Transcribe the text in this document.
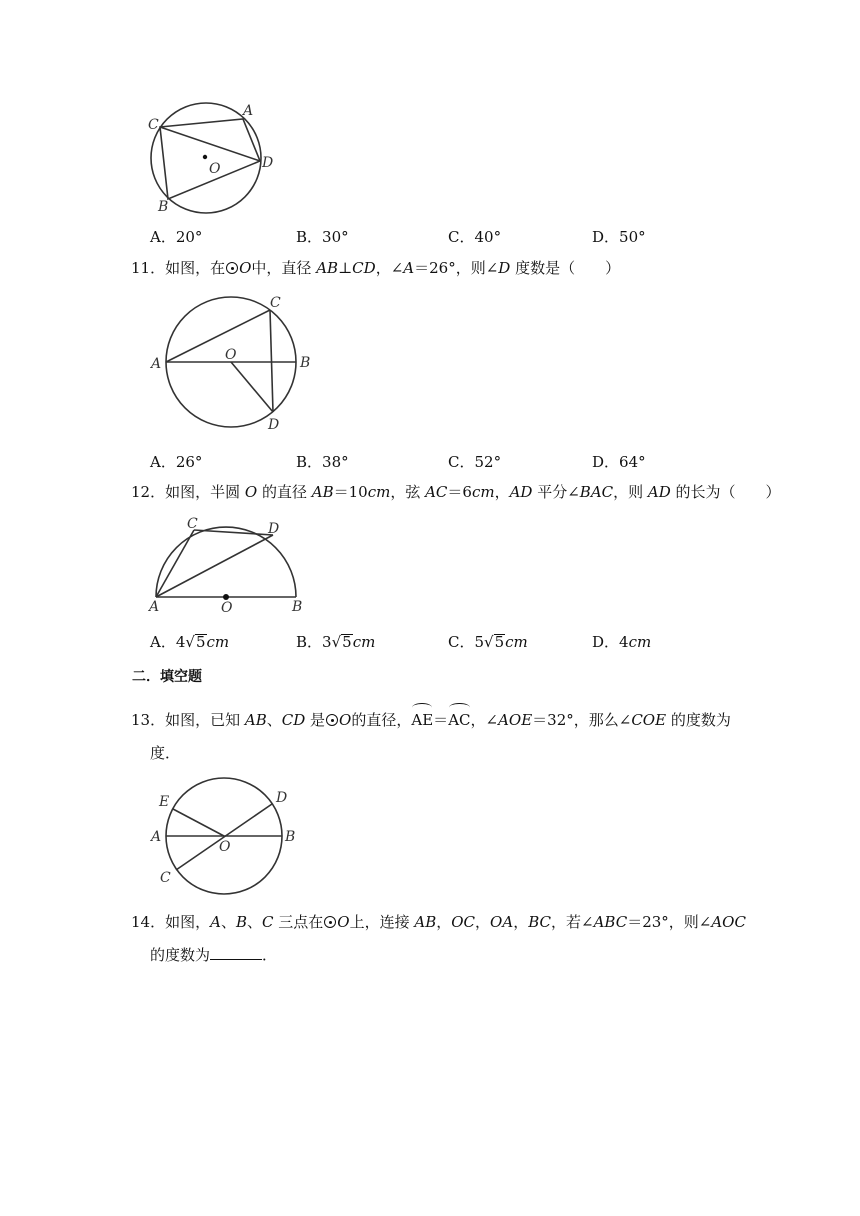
C
A
O	D
B
A．20°	B．30°	C．40°	D．50°
11．如图，在 O中，直径 AB⊥CD，∠A＝26°，则∠D 度数是（　　）
A	B
C
D
O
A．26°	B．38°	C．52°	D．64°
12．如图，半圆 O 的直径 AB＝10cm，弦 AC＝6cm，AD 平分∠BAC，则 AD 的长为（　　）
A	B
C	D
O
A．4√5cm	B．3√5cm	C．5√5cm	D．4cm
二．填空题
13．如图，已知 AB、CD 是 O的直径，AE＝AC，∠AOE＝32°，那么∠COE 的度数为
度．
E
A
C
D
B
O
14．如图，A、B、C 三点在 O上，连接 AB，OC，OA，BC，若∠ABC＝23°，则∠AOC
的度数为	．
